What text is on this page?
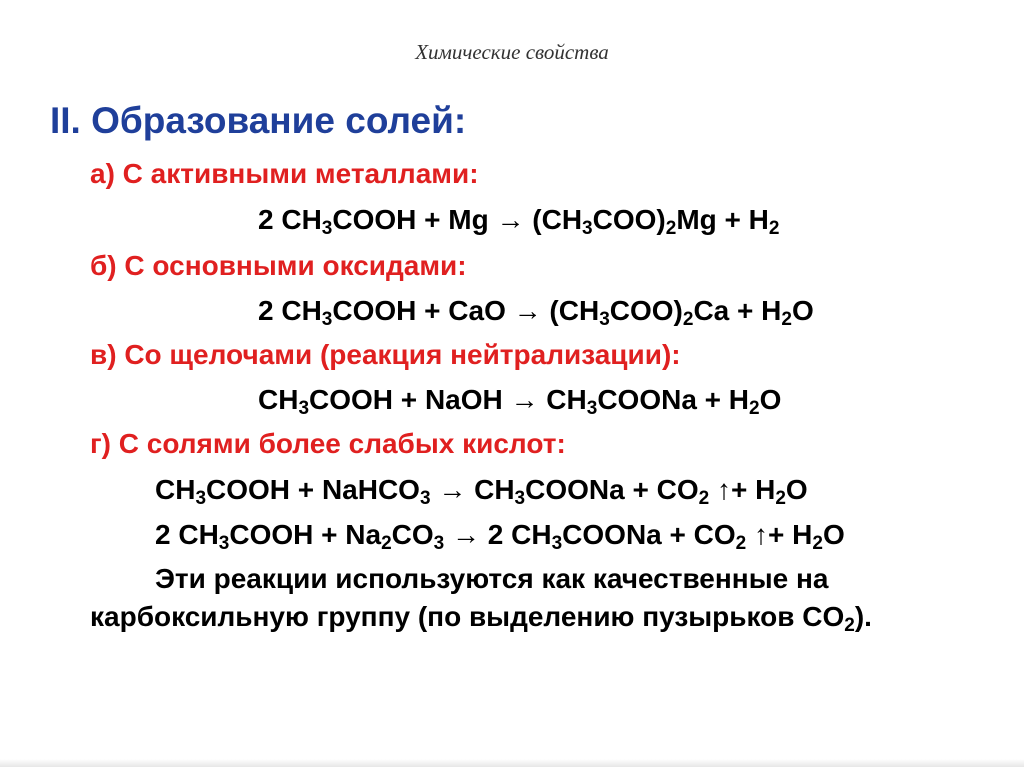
Химические свойства
II. Образование солей:
а) С активными металлами:
2 $CH_3COOH + Mg \to (CH_3COO)_2Mg + H_2$
б) С основными оксидами:
2 $CH_3COOH$ + CaO → $(CH_3COO)_2Ca + H_2O$
в) Со щелочами (реакция нейтрализации):
$CH_3COOH$ + NaOH → $CH_3COONa + H_2O$
г) С солями более слабых кислот:
$CH_3COOH$ + NaHCO$_3$ → $CH_3COONa + CO_2$ ↑+ $H_2O$
2 $CH_3COOH + Na_2CO_3 \to 2$ $CH_3COONa + CO_2$ ↑+ $H_2O$
Эти реакции используются как качественные на
карбоксильную группу (по выделению пузырьков $CO_2$).
